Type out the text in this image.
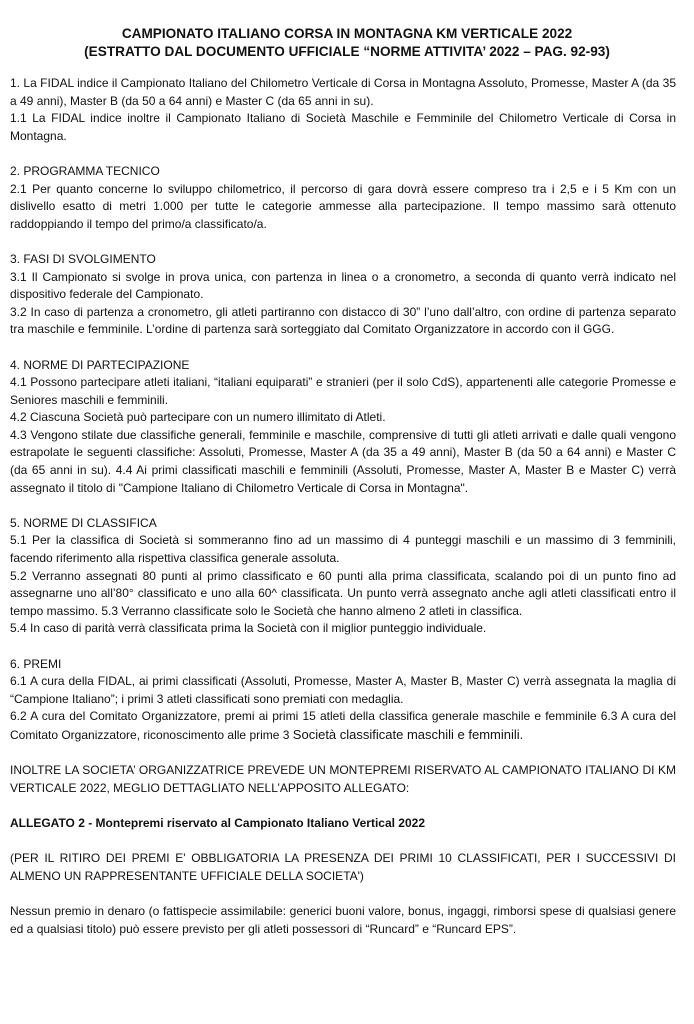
CAMPIONATO ITALIANO CORSA IN MONTAGNA KM VERTICALE 2022
(ESTRATTO DAL DOCUMENTO UFFICIALE “NORME ATTIVITA’ 2022 – PAG. 92-93)

1. La FIDAL indice il Campionato Italiano del Chilometro Verticale di Corsa in Montagna Assoluto, Promesse, Master A (da 35 a 49 anni), Master B (da 50 a 64 anni) e Master C (da 65 anni in su).

1.1 La FIDAL indice inoltre il Campionato Italiano di Società Maschile e Femminile del Chilometro Verticale di Corsa in Montagna.

2. PROGRAMMA TECNICO

2.1 Per quanto concerne lo sviluppo chilometrico, il percorso di gara dovrà essere compreso tra i 2,5 e i 5 Km con un dislivello esatto di metri 1.000 per tutte le categorie ammesse alla partecipazione. Il tempo massimo sarà ottenuto raddoppiando il tempo del primo/a classificato/a.

3. FASI DI SVOLGIMENTO

3.1 Il Campionato si svolge in prova unica, con partenza in linea o a cronometro, a seconda di quanto verrà indicato nel dispositivo federale del Campionato.

3.2 In caso di partenza a cronometro, gli atleti partiranno con distacco di 30” l’uno dall’altro, con ordine di partenza separato tra maschile e femminile. L’ordine di partenza sarà sorteggiato dal Comitato Organizzatore in accordo con il GGG.

4. NORME DI PARTECIPAZIONE

4.1 Possono partecipare atleti italiani, “italiani equiparati” e stranieri (per il solo CdS), appartenenti alle categorie Promesse e Seniores maschili e femminili.

4.2 Ciascuna Società può partecipare con un numero illimitato di Atleti.

4.3 Vengono stilate due classifiche generali, femminile e maschile, comprensive di tutti gli atleti arrivati e dalle quali vengono estrapolate le seguenti classifiche: Assoluti, Promesse, Master A (da 35 a 49 anni), Master B (da 50 a 64 anni) e Master C (da 65 anni in su). 4.4 Ai primi classificati maschili e femminili (Assoluti, Promesse, Master A, Master B e Master C) verrà assegnato il titolo di "Campione Italiano di Chilometro Verticale di Corsa in Montagna".

5. NORME DI CLASSIFICA

5.1 Per la classifica di Società si sommeranno fino ad un massimo di 4 punteggi maschili e un massimo di 3 femminili, facendo riferimento alla rispettiva classifica generale assoluta.

5.2 Verranno assegnati 80 punti al primo classificato e 60 punti alla prima classificata, scalando poi di un punto fino ad assegnarne uno all’80° classificato e uno alla 60^ classificata. Un punto verrà assegnato anche agli atleti classificati entro il tempo massimo. 5.3 Verranno classificate solo le Società che hanno almeno 2 atleti in classifica.

5.4 In caso di parità verrà classificata prima la Società con il miglior punteggio individuale.

6. PREMI

6.1 A cura della FIDAL, ai primi classificati (Assoluti, Promesse, Master A, Master B, Master C) verrà assegnata la maglia di “Campione Italiano”; i primi 3 atleti classificati sono premiati con medaglia.

6.2 A cura del Comitato Organizzatore, premi ai primi 15 atleti della classifica generale maschile e femminile 6.3 A cura del Comitato Organizzatore, riconoscimento alle prime 3 Società classificate maschili e femminili.

INOLTRE LA SOCIETA’ ORGANIZZATRICE PREVEDE UN MONTEPREMI RISERVATO AL CAMPIONATO ITALIANO DI KM VERTICALE 2022, MEGLIO DETTAGLIATO NELL’APPOSITO ALLEGATO:

ALLEGATO 2 - Montepremi riservato al Campionato Italiano Vertical 2022

(PER IL RITIRO DEI PREMI E' OBBLIGATORIA LA PRESENZA DEI PRIMI 10 CLASSIFICATI, PER I SUCCESSIVI DI ALMENO UN RAPPRESENTANTE UFFICIALE DELLA SOCIETA')

Nessun premio in denaro (o fattispecie assimilabile: generici buoni valore, bonus, ingaggi, rimborsi spese di qualsiasi genere ed a qualsiasi titolo) può essere previsto per gli atleti possessori di “Runcard” e “Runcard EPS”.
